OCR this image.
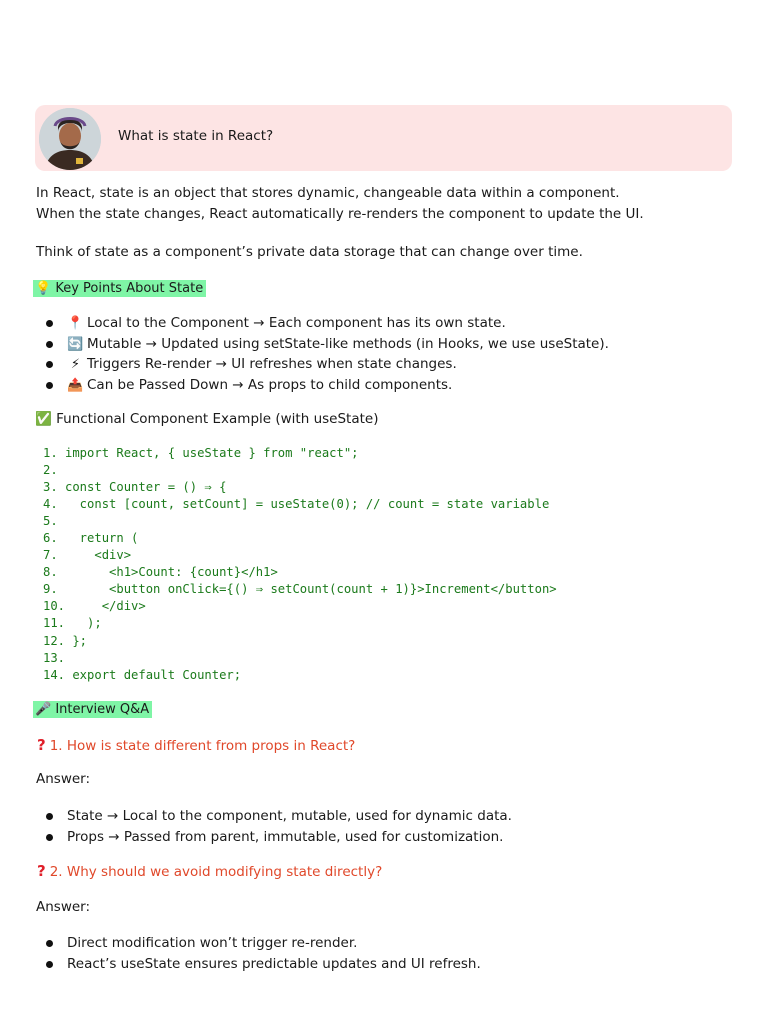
What is state in React?
In React, state is an object that stores dynamic, changeable data within a component.
When the state changes, React automatically re-renders the component to update the UI.
Think of state as a component’s private data storage that can change over time.
💡 Key Points About State
📍 Local to the Component → Each component has its own state.
🔄 Mutable → Updated using setState-like methods (in Hooks, we use useState).
⚡ Triggers Re-render → UI refreshes when state changes.
📤 Can be Passed Down → As props to child components.
✅ Functional Component Example (with useState)
1. import React, { useState } from "react";
2.
3. const Counter = () ⇒ {
4.   const [count, setCount] = useState(0); // count = state variable
5.
6.   return (
7.     <div>
8.       <h1>Count: {count}</h1>
9.       <button onClick={() ⇒ setCount(count + 1)}>Increment</button>
10.     </div>
11.   );
12. };
13.
14. export default Counter;
🎤 Interview Q&A
? 1. How is state different from props in React?
Answer:
State → Local to the component, mutable, used for dynamic data.
Props → Passed from parent, immutable, used for customization.
? 2. Why should we avoid modifying state directly?
Answer:
Direct modification won’t trigger re-render.
React’s useState ensures predictable updates and UI refresh.
